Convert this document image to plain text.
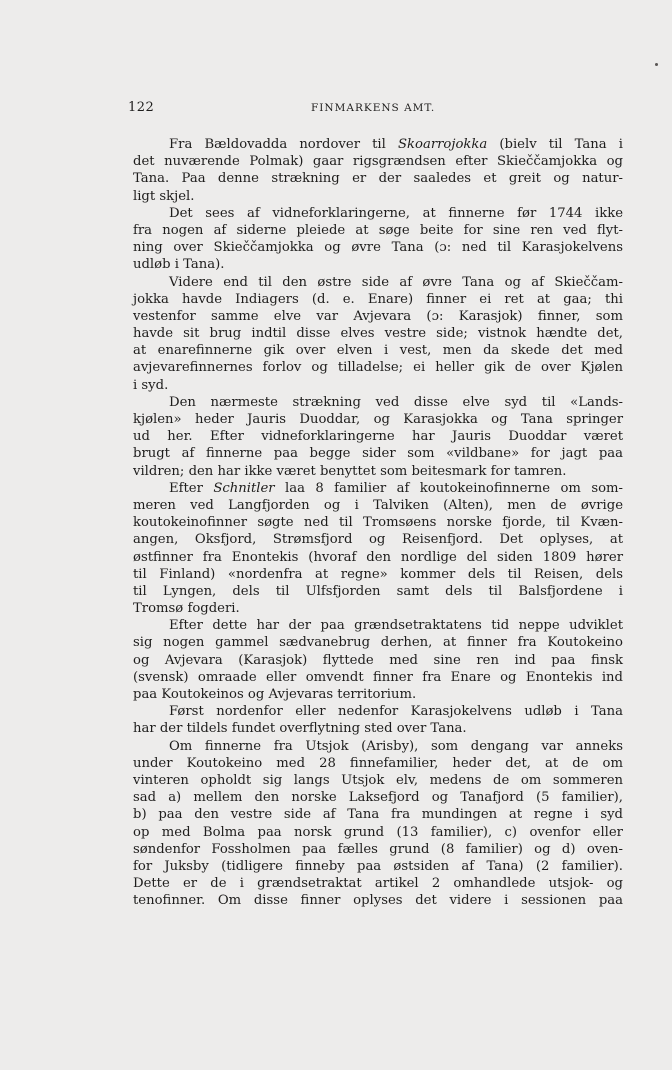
122	FINMARKENS AMT.
Fra Bældovadda nordover til Skoarrojokka (bielv til Tana i
det nuværende Polmak) gaar rigsgrændsen efter Skieččamjokka og
Tana. Paa denne strækning er der saaledes et greit og natur-
ligt skjel.
Det sees af vidneforklaringerne, at finnerne før 1744 ikke
fra nogen af siderne pleiede at søge beite for sine ren ved flyt-
ning over Skieččamjokka og øvre Tana (ɔ: ned til Karasjokelvens
udløb i Tana).
Videre end til den østre side af øvre Tana og af Skieččam-
jokka havde Indiagers (d. e. Enare) finner ei ret at gaa; thi
vestenfor samme elve var Avjevara (ɔ: Karasjok) finner, som
havde sit brug indtil disse elves vestre side; vistnok hændte det,
at enarefinnerne gik over elven i vest, men da skede det med
avjevarefinnernes forlov og tilladelse; ei heller gik de over Kjølen
i syd.
Den nærmeste strækning ved disse elve syd til «Lands-
kjølen» heder Jauris Duoddar, og Karasjokka og Tana springer
ud her. Efter vidneforklaringerne har Jauris Duoddar været
brugt af finnerne paa begge sider som «vildbane» for jagt paa
vildren; den har ikke været benyttet som beitesmark for tamren.
Efter Schnitler laa 8 familier af koutokeinofinnerne om som-
meren ved Langfjorden og i Talviken (Alten), men de øvrige
koutokeinofinner søgte ned til Tromsøens norske fjorde, til Kvæn-
angen, Oksfjord, Strømsfjord og Reisenfjord. Det oplyses, at
østfinner fra Enontekis (hvoraf den nordlige del siden 1809 hører
til Finland) «nordenfra at regne» kommer dels til Reisen, dels
til Lyngen, dels til Ulfsfjorden samt dels til Balsfjordene i
Tromsø fogderi.
Efter dette har der paa grændsetraktatens tid neppe udviklet
sig nogen gammel sædvanebrug derhen, at finner fra Koutokeino
og Avjevara (Karasjok) flyttede med sine ren ind paa finsk
(svensk) omraade eller omvendt finner fra Enare og Enontekis ind
paa Koutokeinos og Avjevaras territorium.
Først nordenfor eller nedenfor Karasjokelvens udløb i Tana
har der tildels fundet overflytning sted over Tana.
Om finnerne fra Utsjok (Arisby), som dengang var anneks
under Koutokeino med 28 finnefamilier, heder det, at de om
vinteren opholdt sig langs Utsjok elv, medens de om sommeren
sad a) mellem den norske Laksefjord og Tanafjord (5 familier),
b) paa den vestre side af Tana fra mundingen at regne i syd
op med Bolma paa norsk grund (13 familier), c) ovenfor eller
søndenfor Fossholmen paa fælles grund (8 familier) og d) oven-
for Juksby (tidligere finneby paa østsiden af Tana) (2 familier).
Dette er de i grændsetraktat artikel 2 omhandlede utsjok- og
tenofinner. Om disse finner oplyses det videre i sessionen paa
